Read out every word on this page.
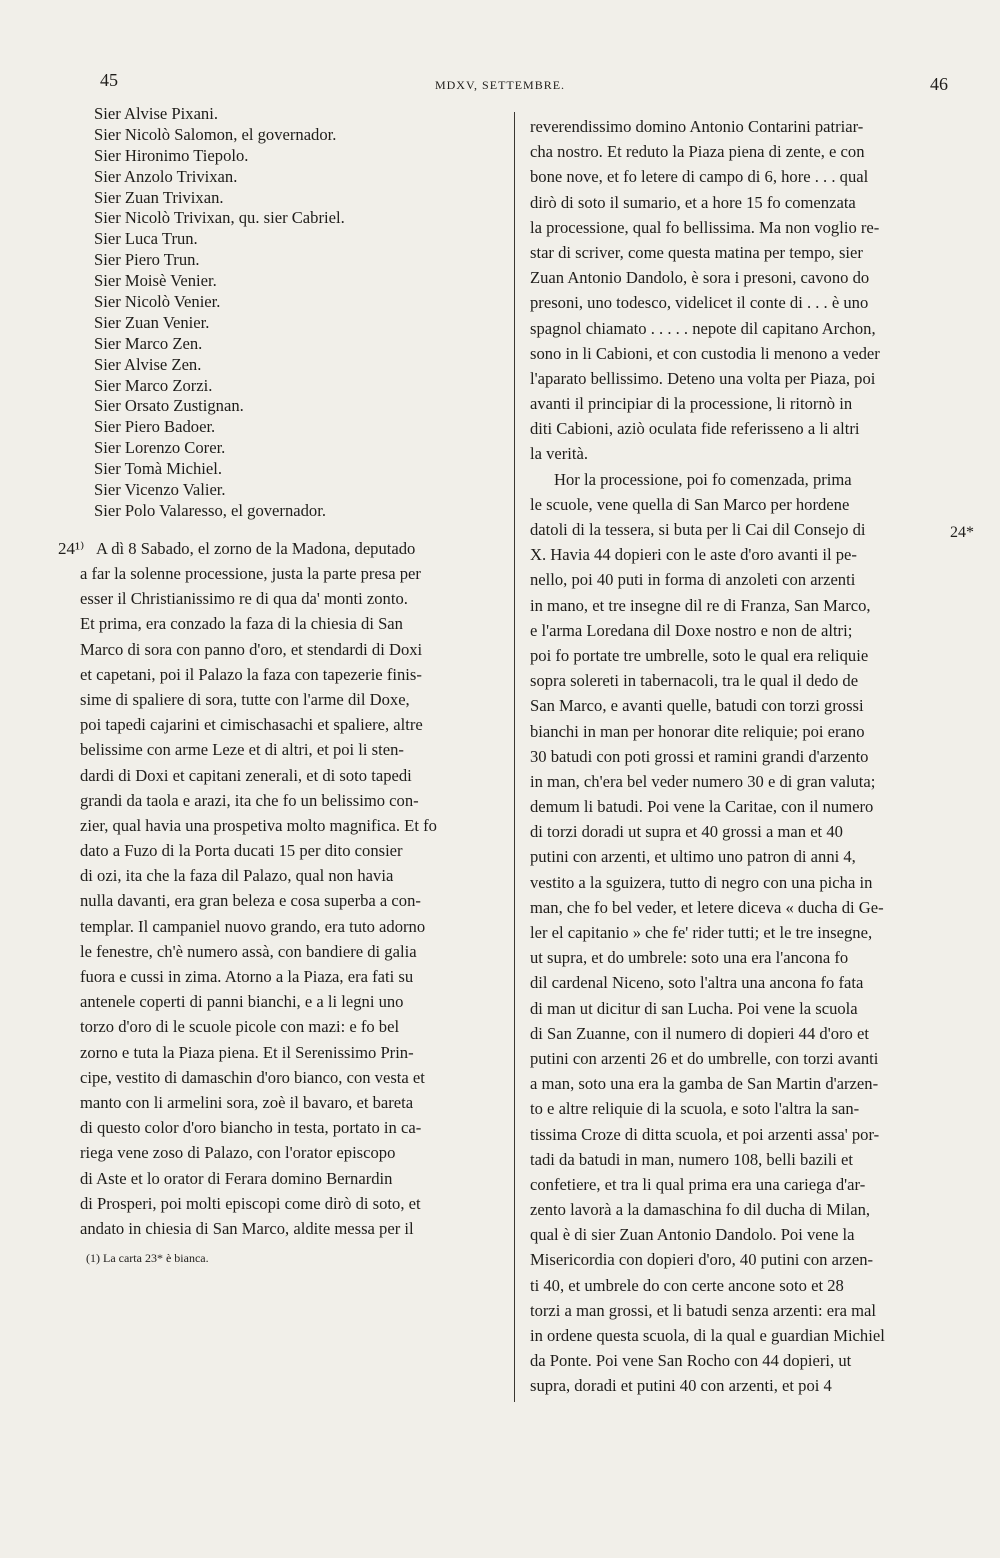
45	MDXV, SETTEMBRE.	46
Sier Alvise Pixani.
Sier Nicolò Salomon, el governador.
Sier Hironimo Tiepolo.
Sier Anzolo Trivixan.
Sier Zuan Trivixan.
Sier Nicolò Trivixan, qu. sier Cabriel.
Sier Luca Trun.
Sier Piero Trun.
Sier Moisè Venier.
Sier Nicolò Venier.
Sier Zuan Venier.
Sier Marco Zen.
Sier Alvise Zen.
Sier Marco Zorzi.
Sier Orsato Zustignan.
Sier Piero Badoer.
Sier Lorenzo Corer.
Sier Tomà Michiel.
Sier Vicenzo Valier.
Sier Polo Valaresso, el governador.
24¹⁾ A dì 8 Sabado, el zorno de la Madona, deputado
a far la solenne processione, justa la parte presa per
esser il Christianissimo re di qua da' monti zonto.
Et prima, era conzado la faza di la chiesia di San
Marco di sora con panno d'oro, et stendardi di Doxi
et capetani, poi il Palazo la faza con tapezerie finis-
sime di spaliere di sora, tutte con l'arme dil Doxe,
poi tapedi cajarini et cimischasachi et spaliere, altre
belissime con arme Leze et di altri, et poi li sten-
dardi di Doxi et capitani zenerali, et di soto tapedi
grandi da taola e arazi, ita che fo un belissimo con-
zier, qual havia una prospetiva molto magnifica. Et fo
dato a Fuzo di la Porta ducati 15 per dito consier
di ozi, ita che la faza dil Palazo, qual non havia
nulla davanti, era gran beleza e cosa superba a con-
templar. Il campaniel nuovo grando, era tuto adorno
le fenestre, ch'è numero assà, con bandiere di galia
fuora e cussi in zima. Atorno a la Piaza, era fati su
antenele coperti di panni bianchi, e a li legni uno
torzo d'oro di le scuole picole con mazi: e fo bel
zorno e tuta la Piaza piena. Et il Serenissimo Prin-
cipe, vestito di damaschin d'oro bianco, con vesta et
manto con li armelini sora, zoè il bavaro, et bareta
di questo color d'oro biancho in testa, portato in ca-
riega vene zoso di Palazo, con l'orator episcopo
di Aste et lo orator di Ferara domino Bernardin
di Prosperi, poi molti episcopi come dirò di soto, et
andato in chiesia di San Marco, aldite messa per il
(1) La carta 23* è bianca.
reverendissimo domino Antonio Contarini patriar-
cha nostro. Et reduto la Piaza piena di zente, e con
bone nove, et fo letere di campo di 6, hore . . . qual
dirò di soto il sumario, et a hore 15 fo comenzata
la processione, qual fo bellissima. Ma non voglio re-
star di scriver, come questa matina per tempo, sier
Zuan Antonio Dandolo, è sora i presoni, cavono do
presoni, uno todesco, videlicet il conte di . . . è uno
spagnol chiamato . . . . . nepote dil capitano Archon,
sono in li Cabioni, et con custodia li menono a veder
l'aparato bellissimo. Deteno una volta per Piaza, poi
avanti il principiar di la processione, li ritornò in
diti Cabioni, aziò oculata fide referisseno a li altri
la verità.
Hor la processione, poi fo comenzada, prima
le scuole, vene quella di San Marco per hordene
datoli di la tessera, si buta per li Cai dil Consejo di
X. Havia 44 dopieri con le aste d'oro avanti il pe-
nello, poi 40 puti in forma di anzoleti con arzenti
in mano, et tre insegne dil re di Franza, San Marco,
e l'arma Loredana dil Doxe nostro e non de altri;
poi fo portate tre umbrelle, soto le qual era reliquie
sopra solereti in tabernacoli, tra le qual il dedo de
San Marco, e avanti quelle, batudi con torzi grossi
bianchi in man per honorar dite reliquie; poi erano
30 batudi con poti grossi et ramini grandi d'arzento
in man, ch'era bel veder numero 30 e di gran valuta;
demum li batudi. Poi vene la Caritae, con il numero
di torzi doradi ut supra et 40 grossi a man et 40
putini con arzenti, et ultimo uno patron di anni 4,
vestito a la sguizera, tutto di negro con una picha in
man, che fo bel veder, et letere diceva « ducha di Ge-
ler el capitanio » che fe' rider tutti; et le tre insegne,
ut supra, et do umbrele: soto una era l'ancona fo
dil cardenal Niceno, soto l'altra una ancona fo fata
di man ut dicitur di san Lucha. Poi vene la scuola
di San Zuanne, con il numero di dopieri 44 d'oro et
putini con arzenti 26 et do umbrelle, con torzi avanti
a man, soto una era la gamba de San Martin d'arzen-
to e altre reliquie di la scuola, e soto l'altra la san-
tissima Croze di ditta scuola, et poi arzenti assa' por-
tadi da batudi in man, numero 108, belli bazili et
confetiere, et tra li qual prima era una cariega d'ar-
zento lavorà a la damaschina fo dil ducha di Milan,
qual è di sier Zuan Antonio Dandolo. Poi vene la
Misericordia con dopieri d'oro, 40 putini con arzen-
ti 40, et umbrele do con certe ancone soto et 28
torzi a man grossi, et li batudi senza arzenti: era mal
in ordene questa scuola, di la qual e guardian Michiel
da Ponte. Poi vene San Rocho con 44 dopieri, ut
supra, doradi et putini 40 con arzenti, et poi 4
24*
